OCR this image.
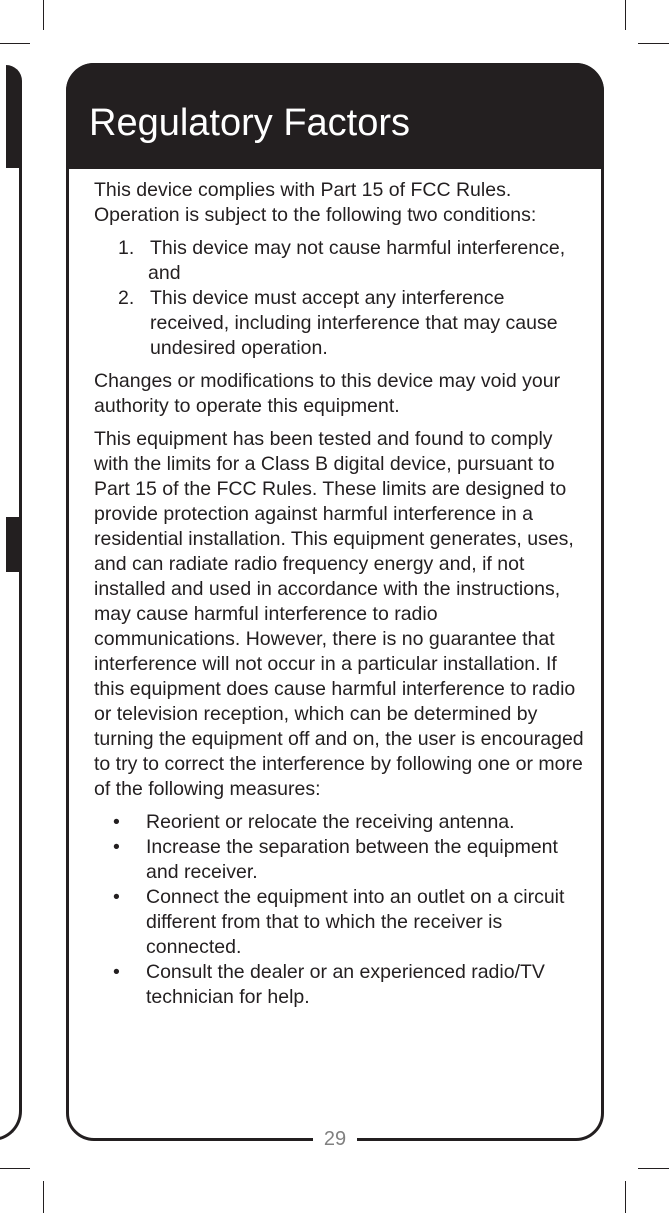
Regulatory Factors
29

This device complies with Part 15 of FCC Rules. Operation is subject to the following two conditions:

1. This device may not cause harmful interference,
and
2. This device must accept any interference received, including interference that may cause undesired operation.

Changes or modifications to this device may void your authority to operate this equipment.

This equipment has been tested and found to comply with the limits for a Class B digital device, pursuant to Part 15 of the FCC Rules. These limits are designed to provide protection against harmful interference in a residential installation. This equipment generates, uses, and can radiate radio frequency energy and, if not installed and used in accordance with the instructions, may cause harmful interference to radio communications. However, there is no guarantee that interference will not occur in a particular installation. If this equipment does cause harmful interference to radio or television reception, which can be determined by turning the equipment off and on, the user is encouraged to try to correct the interference by following one or more of the following measures:

• Reorient or relocate the receiving antenna.
• Increase the separation between the equipment and receiver.
• Connect the equipment into an outlet on a circuit different from that to which the receiver is connected.
• Consult the dealer or an experienced radio/TV technician for help.
